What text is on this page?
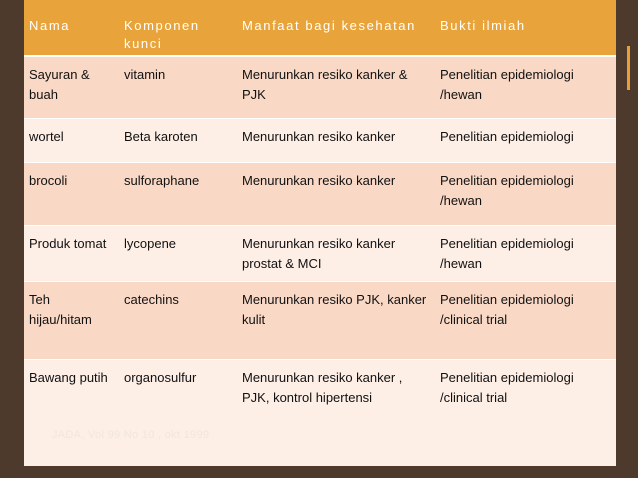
Nama	Komponen kunci	Manfaat bagi kesehatan	Bukti ilmiah
Sayuran & buah	vitamin	Menurunkan resiko kanker & PJK	Penelitian epidemiologi /hewan
wortel	Beta karoten	Menurunkan resiko kanker	Penelitian epidemiologi
brocoli	sulforaphane	Menurunkan resiko kanker	Penelitian epidemiologi /hewan
Produk tomat	lycopene	Menurunkan resiko kanker prostat & MCI	Penelitian epidemiologi /hewan
Teh hijau/hitam	catechins	Menurunkan resiko PJK, kanker kulit	Penelitian epidemiologi /clinical trial
Bawang putih	organosulfur	Menurunkan resiko kanker , PJK, kontrol hipertensi	Penelitian epidemiologi /clinical trial
JADA, Vol 99 No 10 , okt 1999
